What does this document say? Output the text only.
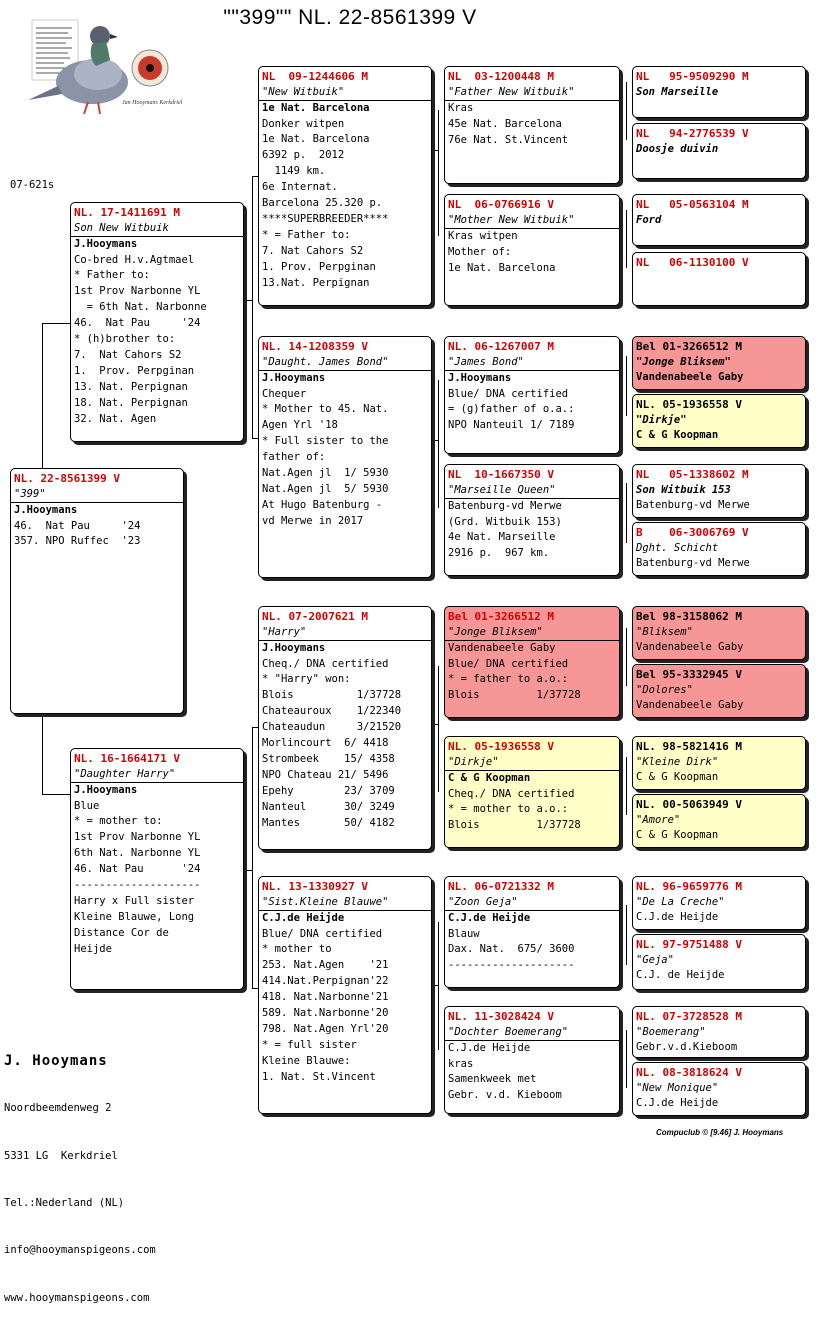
""399"" NL. 22-8561399 V
07-621s
Jan Hooymans Kerkdriel
NL. 22-8561399 V
"399"
J.Hooymans
46.  Nat Pau     '24
357. NPO Ruffec  '23
NL. 17-1411691 M
Son New Witbuik
J.Hooymans
Co-bred H.v.Agtmael
* Father to:
1st Prov Narbonne YL
= 6th Nat. Narbonne
46.  Nat Pau     '24
* (h)brother to:
7.  Nat Cahors S2
1.  Prov. Perpginan
13. Nat. Perpignan
18. Nat. Perpignan
32. Nat. Agen
NL. 16-1664171 V
"Daughter Harry"
J.Hooymans
Blue
* = mother to:
1st Prov Narbonne YL
6th Nat. Narbonne YL
46. Nat Pau      '24
--------------------
Harry x Full sister
Kleine Blauwe, Long
Distance Cor de
Heijde
NL  09-1244606 M
"New Witbuik"
1e Nat. Barcelona
Donker witpen
1e Nat. Barcelona
6392 p.  2012
1149 km.
6e Internat.
Barcelona 25.320 p.
****SUPERBREEDER****
* = Father to:
7. Nat Cahors S2
1. Prov. Perpginan
13.Nat. Perpignan
NL. 14-1208359 V
"Daught. James Bond"
J.Hooymans
Chequer
* Mother to 45. Nat.
Agen Yrl '18
* Full sister to the
father of:
Nat.Agen jl  1/ 5930
Nat.Agen jl  5/ 5930
At Hugo Batenburg -
vd Merwe in 2017
NL. 07-2007621 M
"Harry"
J.Hooymans
Cheq./ DNA certified
* "Harry" won:
Blois          1/37728
Chateauroux    1/22340
Chateaudun     3/21520
Morlincourt  6/ 4418
Strombeek    15/ 4358
NPO Chateau 21/ 5496
Epehy        23/ 3709
Nanteul      30/ 3249
Mantes       50/ 4182
NL. 13-1330927 V
"Sist.Kleine Blauwe"
C.J.de Heijde
Blue/ DNA certified
* mother to
253. Nat.Agen    '21
414.Nat.Perpignan'22
418. Nat.Narbonne'21
589. Nat.Narbonne'20
798. Nat.Agen Yrl'20
* = full sister
Kleine Blauwe:
1. Nat. St.Vincent
NL  03-1200448 M
"Father New Witbuik"
Kras
45e Nat. Barcelona
76e Nat. St.Vincent
NL  06-0766916 V
"Mother New Witbuik"
Kras witpen
Mother of:
1e Nat. Barcelona
NL. 06-1267007 M
"James Bond"
J.Hooymans
Blue/ DNA certified
= (g)father of o.a.:
NPO Nanteuil 1/ 7189
NL  10-1667350 V
"Marseille Queen"
Batenburg-vd Merwe
(Grd. Witbuik 153)
4e Nat. Marseille
2916 p.  967 km.
Bel 01-3266512 M
"Jonge Bliksem"
Vandenabeele Gaby
Blue/ DNA certified
* = father to a.o.:
Blois         1/37728
NL. 05-1936558 V
"Dirkje"
C & G Koopman
Cheq./ DNA certified
* = mother to a.o.:
Blois         1/37728
NL. 06-0721332 M
"Zoon Geja"
C.J.de Heijde
Blauw
Dax. Nat.  675/ 3600
--------------------
NL. 11-3028424 V
"Dochter Boemerang"
C.J.de Heijde
kras
Samenkweek met
Gebr. v.d. Kieboom
NL   95-9509290 M
Son Marseille
NL   94-2776539 V
Doosje duivin
NL   05-0563104 M
Ford
NL   06-1130100 V
Bel 01-3266512 M
"Jonge Bliksem"
Vandenabeele Gaby
NL. 05-1936558 V
"Dirkje"
C & G Koopman
NL   05-1338602 M
Son Witbuik 153
Batenburg-vd Merwe
B    06-3006769 V
Dght. Schicht
Batenburg-vd Merwe
Bel 98-3158062 M
"Bliksem"
Vandenabeele Gaby
Bel 95-3332945 V
"Dolores"
Vandenabeele Gaby
NL. 98-5821416 M
"Kleine Dirk"
C & G Koopman
NL. 00-5063949 V
"Amore"
C & G Koopman
NL. 96-9659776 M
"De La Creche"
C.J.de Heijde
NL. 97-9751488 V
"Geja"
C.J. de Heijde
NL. 07-3728528 M
"Boemerang"
Gebr.v.d.Kieboom
NL. 08-3818624 V
"New Monique"
C.J.de Heijde

J. Hooymans

Noordbeemdenweg 2

5331 LG  Kerkdriel

Tel.:Nederland (NL)

info@hooymanspigeons.com

www.hooymanspigeons.com

Compuclub © [9.46] J. Hooymans
